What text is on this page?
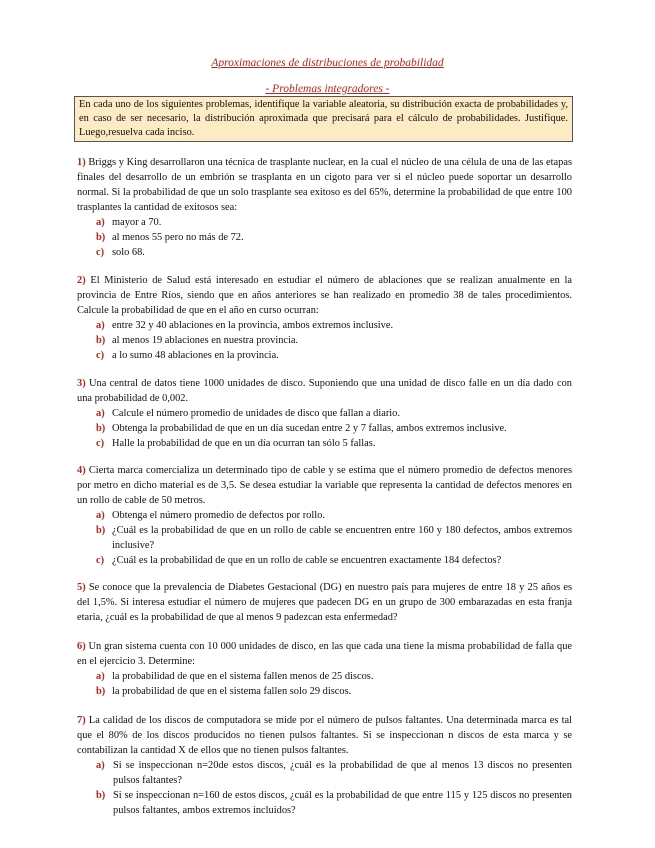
Aproximaciones de distribuciones de probabilidad
- Problemas integradores -
En cada uno de los siguientes problemas, identifique la variable aleatoria, su distribución exacta de probabilidades y, en caso de ser necesario, la distribución aproximada que precisará para el cálculo de probabilidades. Justifique. Luego,resuelva cada inciso.

1) Briggs y King desarrollaron una técnica de trasplante nuclear, en la cual el núcleo de una célula de una de las etapas finales del desarrollo de un embrión se trasplanta en un cigoto para ver si el núcleo puede soportar un desarrollo normal. Si la probabilidad de que un solo trasplante sea exitoso es del 65%, determine la probabilidad de que entre 100 trasplantes la cantidad de exitosos sea:

a) mayor a 70.
b) al menos 55 pero no más de 72.
c) solo 68.

2) El Ministerio de Salud está interesado en estudiar el número de ablaciones que se realizan anualmente en la provincia de Entre Ríos, siendo que en años anteriores se han realizado en promedio 38 de tales procedimientos. Calcule la probabilidad de que en el año en curso ocurran:

a) entre 32 y 40 ablaciones en la provincia, ambos extremos inclusive.
b) al menos 19 ablaciones en nuestra provincia.
c) a lo sumo 48 ablaciones en la provincia.

3) Una central de datos tiene 1000 unidades de disco. Suponiendo que una unidad de disco falle en un día dado con una probabilidad de 0,002.

a) Calcule el número promedio de unidades de disco que fallan a diario.
b) Obtenga la probabilidad de que en un día sucedan entre 2 y 7 fallas, ambos extremos inclusive.
c) Halle la probabilidad de que en un día ocurran tan sólo 5 fallas.

4) Cierta marca comercializa un determinado tipo de cable y se estima que el número promedio de defectos menores por metro en dicho material es de 3,5. Se desea estudiar la variable que representa la cantidad de defectos menores en un rollo de cable de 50 metros.

a) Obtenga el número promedio de defectos por rollo.
b) ¿Cuál es la probabilidad de que en un rollo de cable se encuentren entre 160 y 180 defectos, ambos extremos inclusive?
c) ¿Cuál es la probabilidad de que en un rollo de cable se encuentren exactamente 184 defectos?

5) Se conoce que la prevalencia de Diabetes Gestacional (DG) en nuestro país para mujeres de entre 18 y 25 años es del 1,5%. Si interesa estudiar el número de mujeres que padecen DG en un grupo de 300 embarazadas en esta franja etaria, ¿cuál es la probabilidad de que al menos 9 padezcan esta enfermedad?

6) Un gran sistema cuenta con 10 000 unidades de disco, en las que cada una tiene la misma probabilidad de falla que en el ejercicio 3. Determine:

a) la probabilidad de que en el sistema fallen menos de 25 discos.
b) la probabilidad de que en el sistema fallen solo 29 discos.

7) La calidad de los discos de computadora se mide por el número de pulsos faltantes. Una determinada marca es tal que el 80% de los discos producidos no tienen pulsos faltantes. Si se inspeccionan n discos de esta marca y se contabilizan la cantidad X de ellos que no tienen pulsos faltantes.

a) Si se inspeccionan n=20de estos discos, ¿cuál es la probabilidad de que al menos 13 discos no presenten pulsos faltantes?
b) Si se inspeccionan n=160 de estos discos, ¿cuál es la probabilidad de que entre 115 y 125 discos no presenten pulsos faltantes, ambos extremos incluidos?
